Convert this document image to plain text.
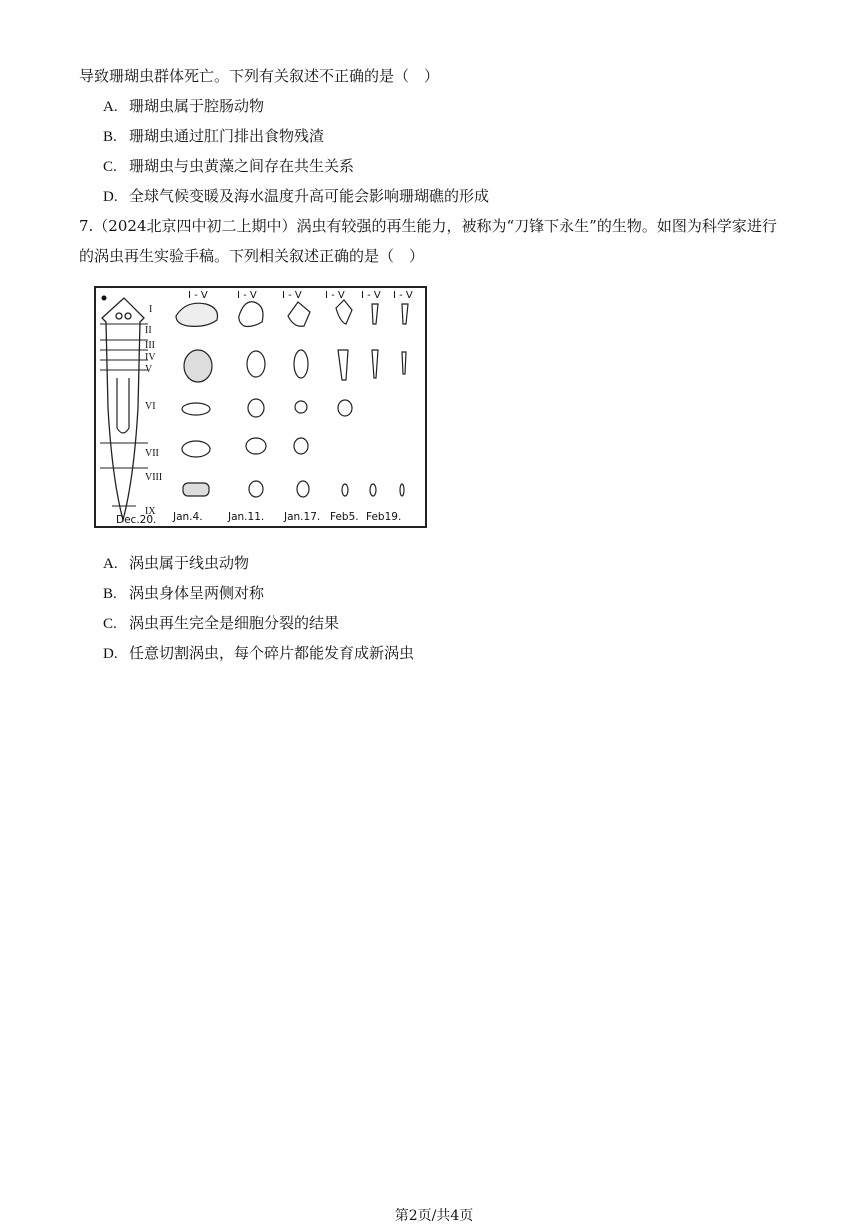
导致珊瑚虫群体死亡。下列有关叙述不正确的是（　）
A. 珊瑚虫属于腔肠动物
B. 珊瑚虫通过肛门排出食物残渣
C. 珊瑚虫与虫黄藻之间存在共生关系
D. 全球气候变暖及海水温度升高可能会影响珊瑚礁的形成
7.（2024北京四中初二上期中）涡虫有较强的再生能力，被称为“刀锋下永生”的生物。如图为科学家进行
的涡虫再生实验手稿。下列相关叙述正确的是（　）
I
II
III
IV
V
VI
VII
VIII
IX
I - V	I - V	I - V I - V I - V I - V
Dec.20. Jan.4. Jan.11. Jan.17. Feb5. Feb19.
A. 涡虫属于线虫动物
B. 涡虫身体呈两侧对称
C. 涡虫再生完全是细胞分裂的结果
D. 任意切割涡虫，每个碎片都能发育成新涡虫
第2页/共4页
